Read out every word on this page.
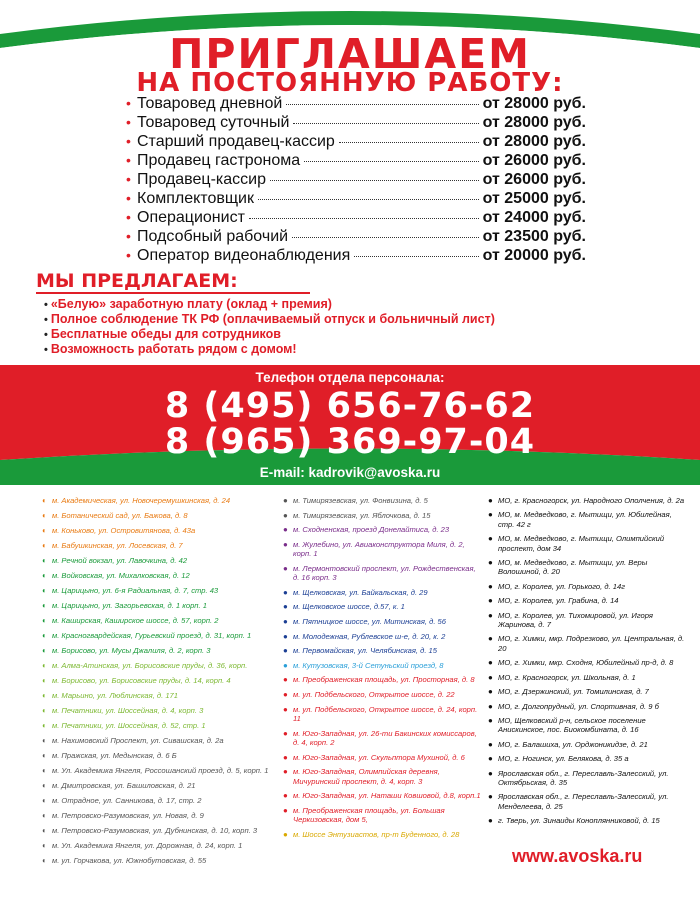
ПРИГЛАШАЕМ
НА ПОСТОЯННУЮ РАБОТУ:
• Товаровед дневной	от 28000 руб.
• Товаровед суточный	от 28000 руб.
• Старший продавец-кассир	от 28000 руб.
• Продавец гастронома	от 26000 руб.
• Продавец-кассир	от 26000 руб.
• Комплектовщик	от 25000 руб.
• Операционист	от 24000 руб.
• Подсобный рабочий	от 23500 руб.
• Оператор видеонаблюдения	от 20000 руб.
МЫ ПРЕДЛАГАЕМ:
• «Белую» заработную плату (оклад + премия)
• Полное соблюдение ТК РФ (оплачиваемый отпуск и больничный лист)
• Бесплатные обеды для сотрудников
• Возможность работать рядом с домом!
Телефон отдела персонала:
8 (495) 656-76-62
8 (965) 369-97-04
E-mail: kadrovik@avoska.ru
◐ м. Академическая, ул. Новочеремушкинская, д. 24
◐ м. Ботанический сад, ул. Бажова, д. 8
◐ м. Коньково, ул. Островитянова, д. 43а
◐ м. Бабушкинская, ул. Лосевская, д. 7
◐ м. Речной вокзал, ул. Лавочкина, д. 42
◐ м. Войковская, ул. Михалковская, д. 12
◐ м. Царицыно, ул. 6-я Радиальная, д. 7, стр. 43
◐ м. Царицыно, ул. Загорьевская, д. 1 корп. 1
◐ м. Каширская, Каширское шоссе, д. 57, корп. 2
◐ м. Красногвардейская, Гурьевский проезд, д. 31, корп. 1
◐ м. Борисово, ул. Мусы Джалиля, д. 2, корп. 3
◐ м. Алма-Атинская, ул. Борисовские пруды, д. 36, корп.
◐ м. Борисово, ул. Борисовские пруды, д. 14, корп. 4
◐ м. Марьино, ул. Люблинская, д. 171
◐ м. Печатники, ул. Шоссейная, д. 4, корп. 3
◐ м. Печатники, ул. Шоссейная, д. 52, стр. 1
◐ м. Нахимовский Проспект, ул. Сивашская, д. 2а
◐ м. Пражская, ул. Медынская, д. 6 Б
◐ м. Ул. Академика Янгеля, Россошанский проезд, д. 5, корп. 1
◐ м. Дмитровская, ул. Башиловская, д. 21
◐ м. Отрадное, ул. Санникова, д. 17, стр. 2
◐ м. Петровско-Разумовская, ул. Новая, д. 9
◐ м. Петровско-Разумовская, ул. Дубнинская, д. 10, корп. 3
◐ м. Ул. Академика Янгеля, ул. Дорожная, д. 24, корп. 1
◐ м. ул. Горчакова, ул. Южнобутовская, д. 55
● м. Тимирязевская, ул. Фонвизина, д. 5
● м. Тимирязевская, ул. Яблочкова, д. 15
● м. Сходненская, проезд Донелайтиса, д. 23
● м. Жулебино, ул. Авиаконструктора Миля, д. 2, корп. 1
● м. Лермонтовский проспект, ул. Рождественская, д. 16 корп. 3
● м. Щелковская, ул. Байкальская, д. 29
● м. Щелковское шоссе, д.57, к. 1
● м. Пятницкое шоссе, ул. Митинская, д. 56
● м. Молодежная, Рублевское ш-е, д. 20, к. 2
● м. Первомайская, ул. Челябинская, д. 15
● м. Кутузовская, 3-й Сетуньский проезд, 8
● м. Преображенская площадь, ул. Просторная, д. 8
● м. ул. Подбельского, Открытое шоссе, д. 22
● м. ул. Подбельского, Открытое шоссе, д. 24, корп. 11
● м. Юго-Западная, ул. 26-ти Бакинских комиссаров, д. 4, корп. 2
● м. Юго-Западная, ул. Скульптора Мухиной, д. 6
● м. Юго-Западная, Олимпийская деревня, Мичуринский проспект, д. 4, корп. 3
● м. Юго-Западная, ул. Наташи Ковшовой, д.8, корп.1
● м. Преображенская площадь, ул. Большая Черкизовская, дом 5,
● м. Шоссе Энтузиастов, пр-т Буденного, д. 28
● МО, г. Красногорск, ул. Народного Ополчения, д. 2а
● МО, м. Медведково, г. Мытищи, ул. Юбилейная, стр. 42 г
● МО, м. Медведково, г. Мытищи, Олимпийский проспект, дом 34
● МО, м. Медведково, г. Мытищи, ул. Веры Волошиной, д. 20
● МО, г. Королев, ул. Горького, д. 14г
● МО, г. Королев, ул. Грабина, д. 14
● МО, г. Королев, ул. Тихомировой, ул. Игоря Жаринова, д. 7
● МО, г. Химки, мкр. Подрезково, ул. Центральная, д. 20
● МО, г. Химки, мкр. Сходня, Юбилейный пр-д, д. 8
● МО, г. Красногорск, ул. Школьная, д. 1
● МО, г. Дзержинский, ул. Томилинская, д. 7
● МО, г. Долгопрудный, ул. Спортивная, д. 9 б
● МО, Щелковский р-н, сельское поселение Анискинское, пос. Биокомбината, д. 16
● МО, г. Балашиха, ул. Орджоникидзе, д. 21
● МО, г. Ногинск, ул. Белякова, д. 35 а
● Ярославская обл., г. Переславль-Залесский, ул. Октябрьская, д. 35
● Ярославская обл., г. Переславль-Залесский, ул. Менделеева, д. 25
● г. Тверь, ул. Зинаиды Коноплянниковой, д. 15
www.avoska.ru
